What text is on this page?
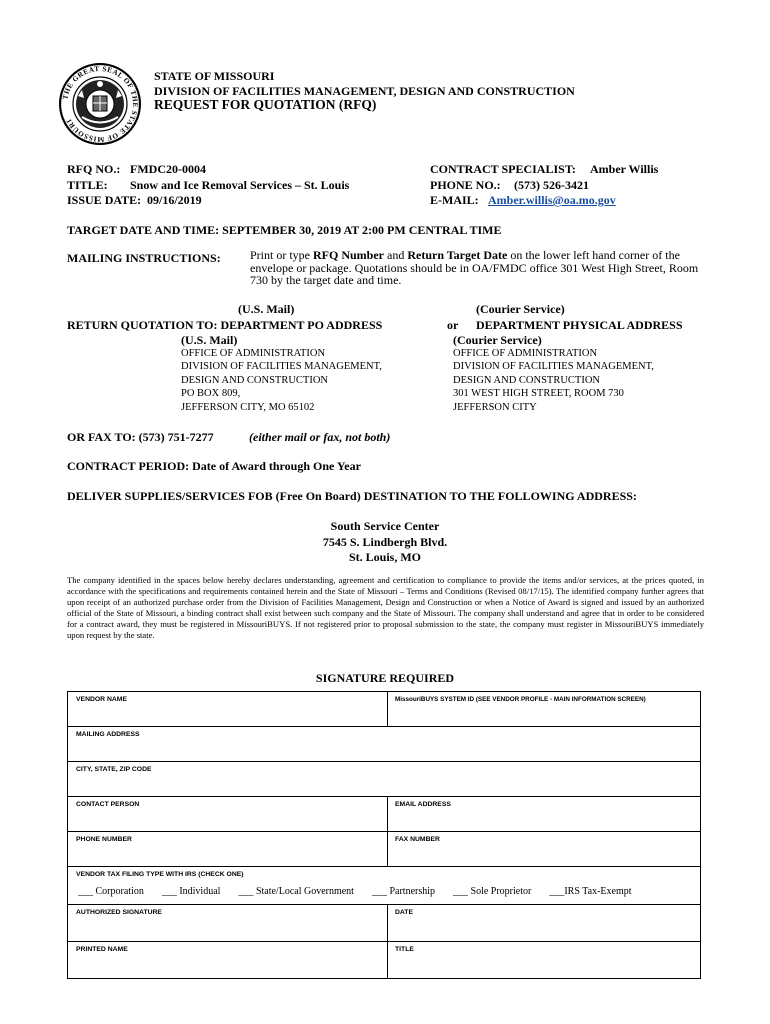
THE GREAT SEAL OF THE STATE OF MISSOURI
STATE OF MISSOURI
DIVISION OF FACILITIES MANAGEMENT, DESIGN AND CONSTRUCTION
REQUEST FOR QUOTATION (RFQ)
RFQ NO.: FMDC20-0004
TITLE: Snow and Ice Removal Services – St. Louis
ISSUE DATE: 09/16/2019
CONTRACT SPECIALIST: Amber Willis
PHONE NO.: (573) 526-3421
E-MAIL: Amber.willis@oa.mo.gov
TARGET DATE AND TIME: SEPTEMBER 30, 2019 AT 2:00 PM CENTRAL TIME
MAILING INSTRUCTIONS: Print or type RFQ Number and Return Target Date on the lower left hand corner of the envelope or package. Quotations should be in OA/FMDC office 301 West High Street, Room 730 by the target date and time.
(U.S. Mail)	(Courier Service)
RETURN QUOTATION TO: DEPARTMENT PO ADDRESS	or DEPARTMENT PHYSICAL ADDRESS
(U.S. Mail)	(Courier Service)
OFFICE OF ADMINISTRATION
DIVISION OF FACILITIES MANAGEMENT,
DESIGN AND CONSTRUCTION
PO BOX 809,
JEFFERSON CITY, MO 65102
OFFICE OF ADMINISTRATION
DIVISION OF FACILITIES MANAGEMENT,
DESIGN AND CONSTRUCTION
301 WEST HIGH STREET, ROOM 730
JEFFERSON CITY
OR FAX TO: (573) 751-7277	(either mail or fax, not both)
CONTRACT PERIOD: Date of Award through One Year
DELIVER SUPPLIES/SERVICES FOB (Free On Board) DESTINATION TO THE FOLLOWING ADDRESS:
South Service Center
7545 S. Lindbergh Blvd.
St. Louis, MO
The company identified in the spaces below hereby declares understanding, agreement and certification to compliance to provide the items and/or services, at the prices quoted, in accordance with the specifications and requirements contained herein and the State of Missouri – Terms and Conditions (Revised 08/17/15). The identified company further agrees that upon receipt of an authorized purchase order from the Division of Facilities Management, Design and Construction or when a Notice of Award is signed and issued by an authorized official of the State of Missouri, a binding contract shall exist between such company and the State of Missouri. The company shall understand and agree that in order to be considered for a contract award, they must be registered in MissouriBUYS. If not registered prior to proposal submission to the state, the company must register in MissouriBUYS immediately upon request by the state.
SIGNATURE REQUIRED
VENDOR NAME	MissouriBUYS SYSTEM ID (SEE VENDOR PROFILE - MAIN INFORMATION SCREEN)
MAILING ADDRESS
CITY, STATE, ZIP CODE
CONTACT PERSON	EMAIL ADDRESS
PHONE NUMBER	FAX NUMBER
VENDOR TAX FILING TYPE WITH IRS (CHECK ONE)
___ Corporation ___ Individual ___ State/Local Government ___ Partnership ___ Sole Proprietor ___IRS Tax-Exempt
AUTHORIZED SIGNATURE	DATE
PRINTED NAME	TITLE
